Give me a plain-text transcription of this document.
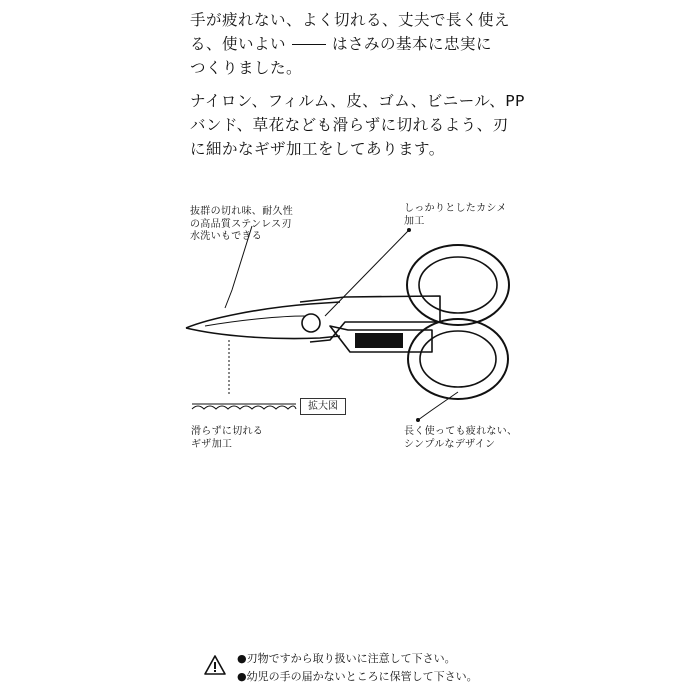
手が疲れない、よく切れる、丈夫で長く使え
る、使いよい	はさみの基本に忠実に
つくりました。

ナイロン、フィルム、皮、ゴム、ビニール、PP
バンド、草花なども滑らずに切れるよう、刃
に細かなギザ加工をしてあります。

拡大図
抜群の切れ味、耐久性
の高品質ステンレス刃
水洗いもできる
しっかりとしたカシメ
加工
滑らずに切れる
ギザ加工
長く使っても疲れない、
シンプルなデザイン
●刃物ですから取り扱いに注意して下さい。
●幼児の手の届かないところに保管して下さい。
